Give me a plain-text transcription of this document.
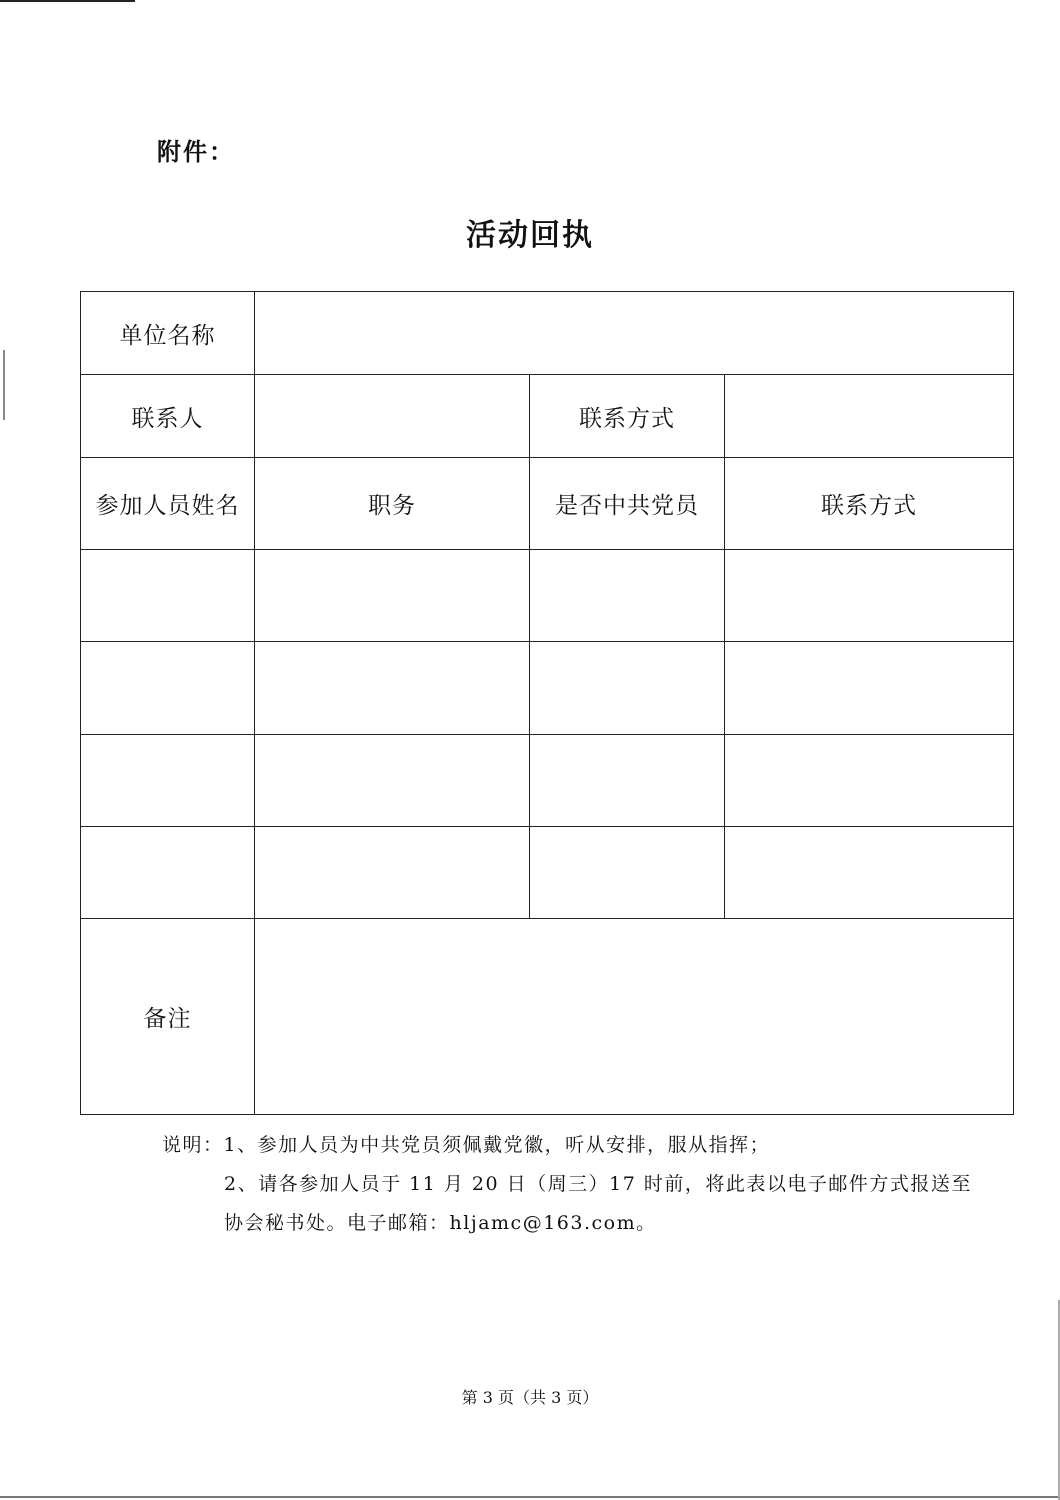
附件：
活动回执
单位名称			
联系人		联系方式	
参加人员姓名	职务	是否中共党员	联系方式

备注			
说明：1、参加人员为中共党员须佩戴党徽，听从安排，服从指挥；
2、请各参加人员于 11 月 20 日（周三）17 时前，将此表以电子邮件方式报送至
协会秘书处。电子邮箱：hljamc@163.com。
第 3 页（共 3 页）
